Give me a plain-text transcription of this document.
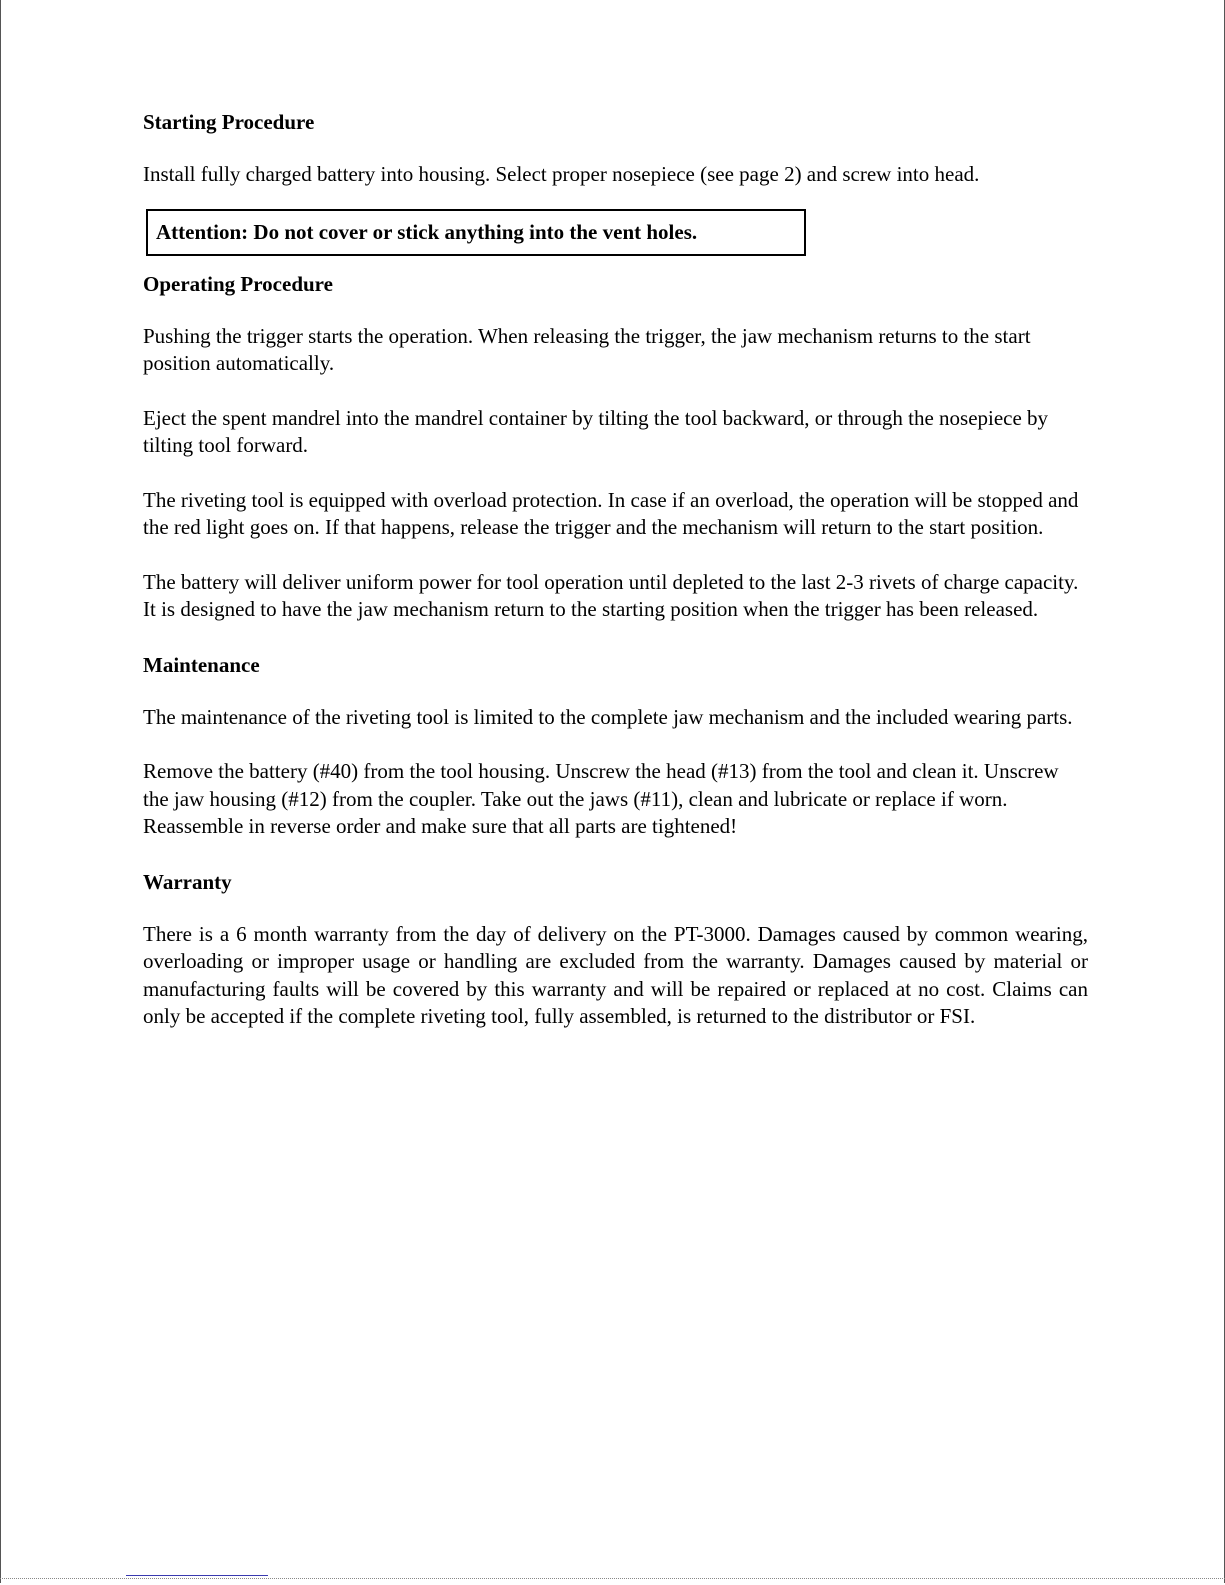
Starting Procedure
Install fully charged battery into housing. Select proper nosepiece (see page 2) and screw into head.
Attention: Do not cover or stick anything into the vent holes.
Operating Procedure
Pushing the trigger starts the operation. When releasing the trigger, the jaw mechanism returns to the start position automatically.
Eject the spent mandrel into the mandrel container by tilting the tool backward, or through the nosepiece by tilting tool forward.
The riveting tool is equipped with overload protection. In case if an overload, the operation will be stopped and the red light goes on. If that happens, release the trigger and the mechanism will return to the start position.
The battery will deliver uniform power for tool operation until depleted to the last 2-3 rivets of charge capacity. It is designed to have the jaw mechanism return to the starting position when the trigger has been released.
Maintenance
The maintenance of the riveting tool is limited to the complete jaw mechanism and the included wearing parts.
Remove the battery (#40) from the tool housing. Unscrew the head (#13) from the tool and clean it. Unscrew the jaw housing (#12) from the coupler. Take out the jaws (#11), clean and lubricate or replace if worn. Reassemble in reverse order and make sure that all parts are tightened!
Warranty
There is a 6 month warranty from the day of delivery on the PT-3000. Damages caused by common wearing, overloading or improper usage or handling are excluded from the warranty. Damages caused by material or manufacturing faults will be covered by this warranty and will be repaired or replaced at no cost. Claims can only be accepted if the complete riveting tool, fully assembled, is returned to the distributor or FSI.
